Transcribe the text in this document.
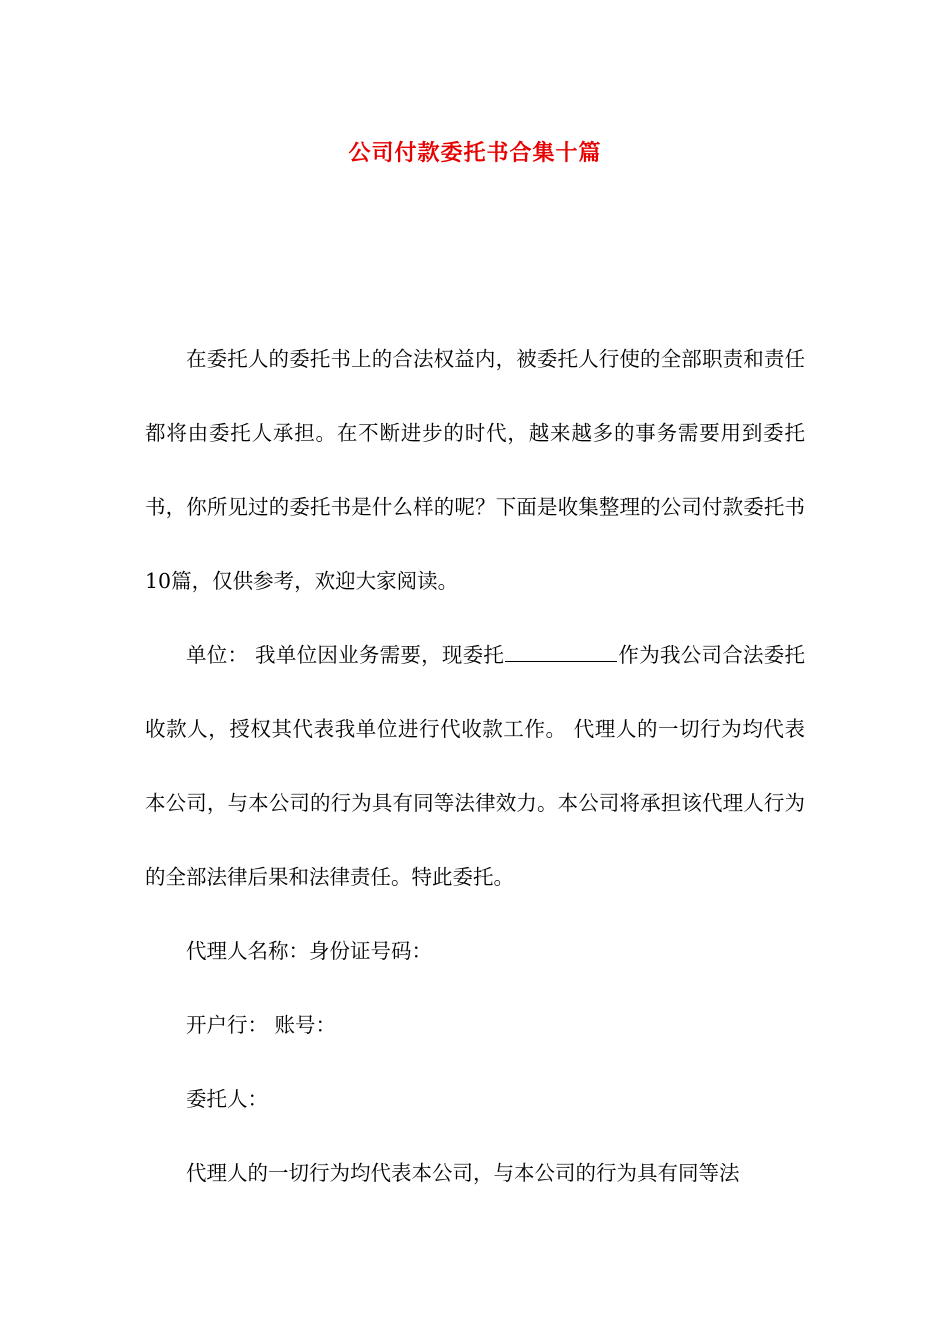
公司付款委托书合集十篇

在委托人的委托书上的合法权益内，被委托人行使的全部职责和责任都将由委托人承担。在不断进步的时代，越来越多的事务需要用到委托书，你所见过的委托书是什么样的呢？下面是收集整理的公司付款委托书10篇，仅供参考，欢迎大家阅读。

单位： 我单位因业务需要，现委托	作为我公司合法委托收款人，授权其代表我单位进行代收款工作。 代理人的一切行为均代表本公司，与本公司的行为具有同等法律效力。本公司将承担该代理人行为的全部法律后果和法律责任。特此委托。

代理人名称：身份证号码：

开户行： 账号：

委托人：

代理人的一切行为均代表本公司，与本公司的行为具有同等法
